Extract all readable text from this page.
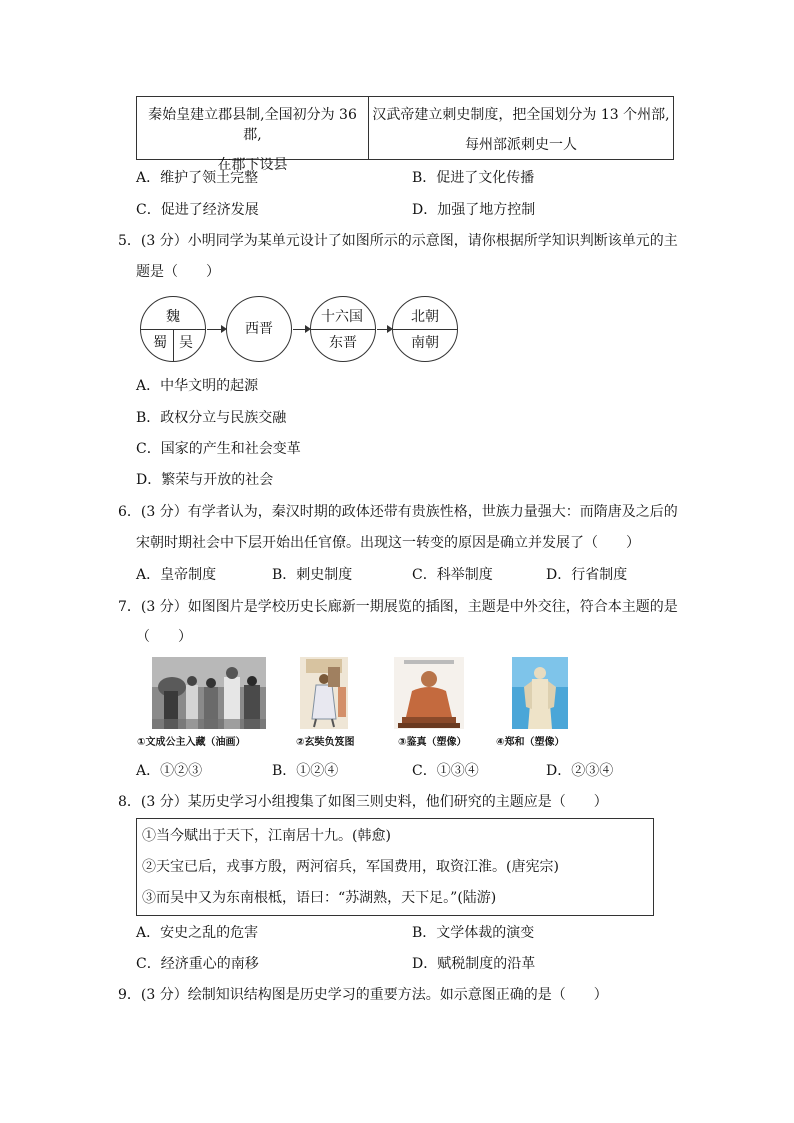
秦始皇建立郡县制,全国初分为 36 郡,
在郡下设县
汉武帝建立刺史制度，把全国划分为 13 个州部,
每州部派刺史一人
A．维护了领土完整	B．促进了文化传播
C．促进了经济发展	D．加强了地方控制
5．(3 分）小明同学为某单元设计了如图所示的示意图，请你根据所学知识判断该单元的主
题是（　　）
魏
蜀 吴
西晋
十六国
东晋
北朝
南朝
A．中华文明的起源
B．政权分立与民族交融
C．国家的产生和社会变革
D．繁荣与开放的社会
6．(3 分）有学者认为，秦汉时期的政体还带有贵族性格，世族力量强大：而隋唐及之后的
宋朝时期社会中下层开始出任官僚。出现这一转变的原因是确立并发展了（　　）
A．皇帝制度	B．刺史制度	C．科举制度	D．行省制度
7．(3 分）如图图片是学校历史长廊新一期展览的插图，主题是中外交往，符合本主题的是
（　　）
①文成公主入藏（油画）	②玄奘负笈图	③鉴真（塑像）	④郑和（塑像）
A．①②③	B．①②④	C．①③④	D．②③④
8．(3 分）某历史学习小组搜集了如图三则史料，他们研究的主题应是（　　）
①当今赋出于天下，江南居十九。(韩愈)
②天宝已后，戎事方殷，两河宿兵，军国费用，取资江淮。(唐宪宗)
③而吴中又为东南根柢，语曰：“苏湖熟，天下足。”(陆游)
A．安史之乱的危害	B．文学体裁的演变
C．经济重心的南移	D．赋税制度的沿革
9．(3 分）绘制知识结构图是历史学习的重要方法。如示意图正确的是（　　）
